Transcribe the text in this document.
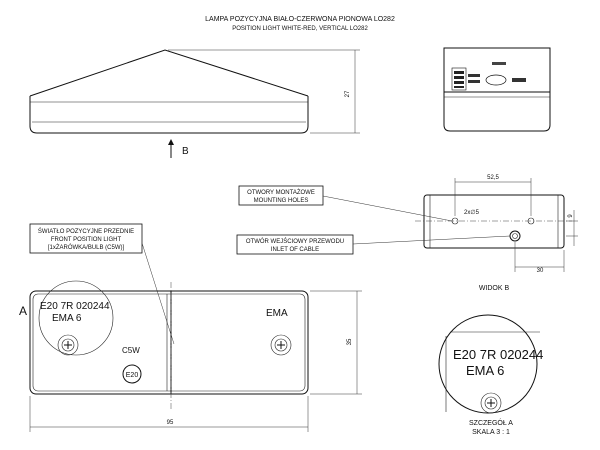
LAMPA POZYCYJNA BIAŁO-CZERWONA PIONOWA LO282
POSITION LIGHT WHITE-RED, VERTICAL LO282
27
B
2x∅5
52,5
30
9
WIDOK B
OTWORY MONTAŻOWE
MOUNTING HOLES
OTWÓR WEJŚCIOWY PRZEWODU
INLET OF CABLE
ŚWIATŁO POZYCYJNE PRZEDNIE
FRONT POSITION LIGHT
[1xŻARÓWKA/BULB (C5W)]
E20 7R 020244
EMA 6	EMA
C5W
E20
A
35
95
E20 7R 020244
EMA 6
SZCZEGÓŁ A
SKALA 3 : 1
